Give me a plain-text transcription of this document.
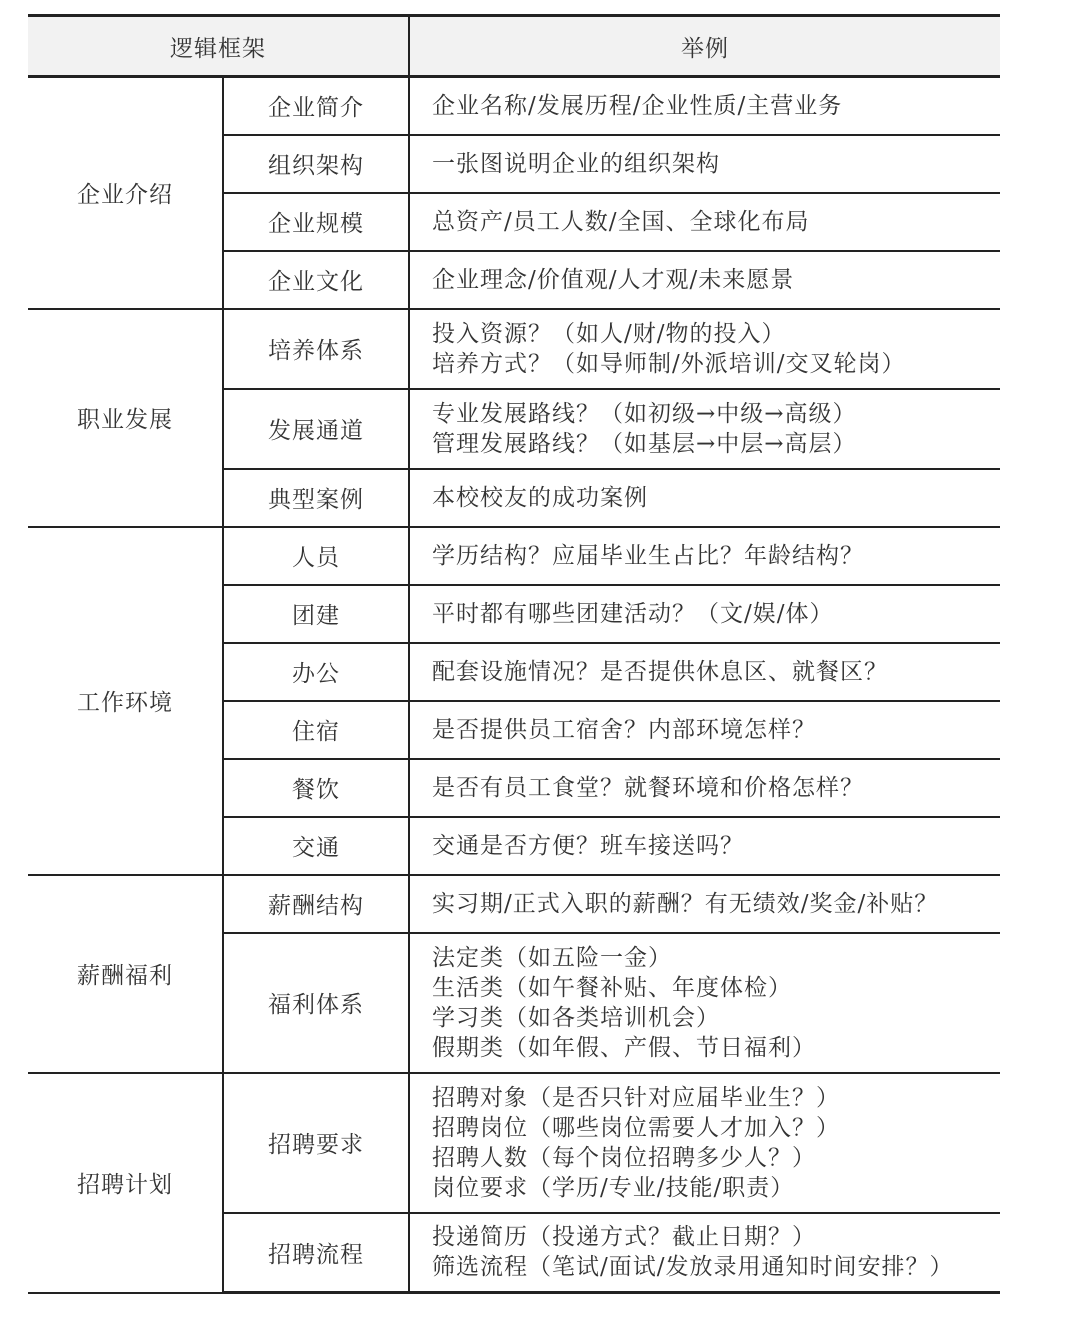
逻辑框架		举例
企业介绍	企业简介	企业名称/发展历程/企业性质/主营业务

	组织架构	一张图说明企业的组织架构

	企业规模	总资产/员工人数/全国、全球化布局

	企业文化	企业理念/价值观/人才观/未来愿景

职业发展	培养体系	投入资源？（如人/财/物的投入）
培养方式？（如导师制/外派培训/交叉轮岗）

	发展通道	专业发展路线？（如初级→中级→高级）
管理发展路线？（如基层→中层→高层）

	典型案例	本校校友的成功案例

工作环境	人员	学历结构？应届毕业生占比？年龄结构？

	团建	平时都有哪些团建活动？（文/娱/体）

	办公	配套设施情况？是否提供休息区、就餐区？

	住宿	是否提供员工宿舍？内部环境怎样？

	餐饮	是否有员工食堂？就餐环境和价格怎样？

	交通	交通是否方便？班车接送吗？

薪酬福利	薪酬结构	实习期/正式入职的薪酬？有无绩效/奖金/补贴？

	福利体系	法定类（如五险一金）
生活类（如午餐补贴、年度体检）
学习类（如各类培训机会）
假期类（如年假、产假、节日福利）

招聘计划	招聘要求	招聘对象（是否只针对应届毕业生？）
招聘岗位（哪些岗位需要人才加入？）
招聘人数（每个岗位招聘多少人？）
岗位要求（学历/专业/技能/职责）

	招聘流程	投递简历（投递方式？截止日期？）
筛选流程（笔试/面试/发放录用通知时间安排？）
